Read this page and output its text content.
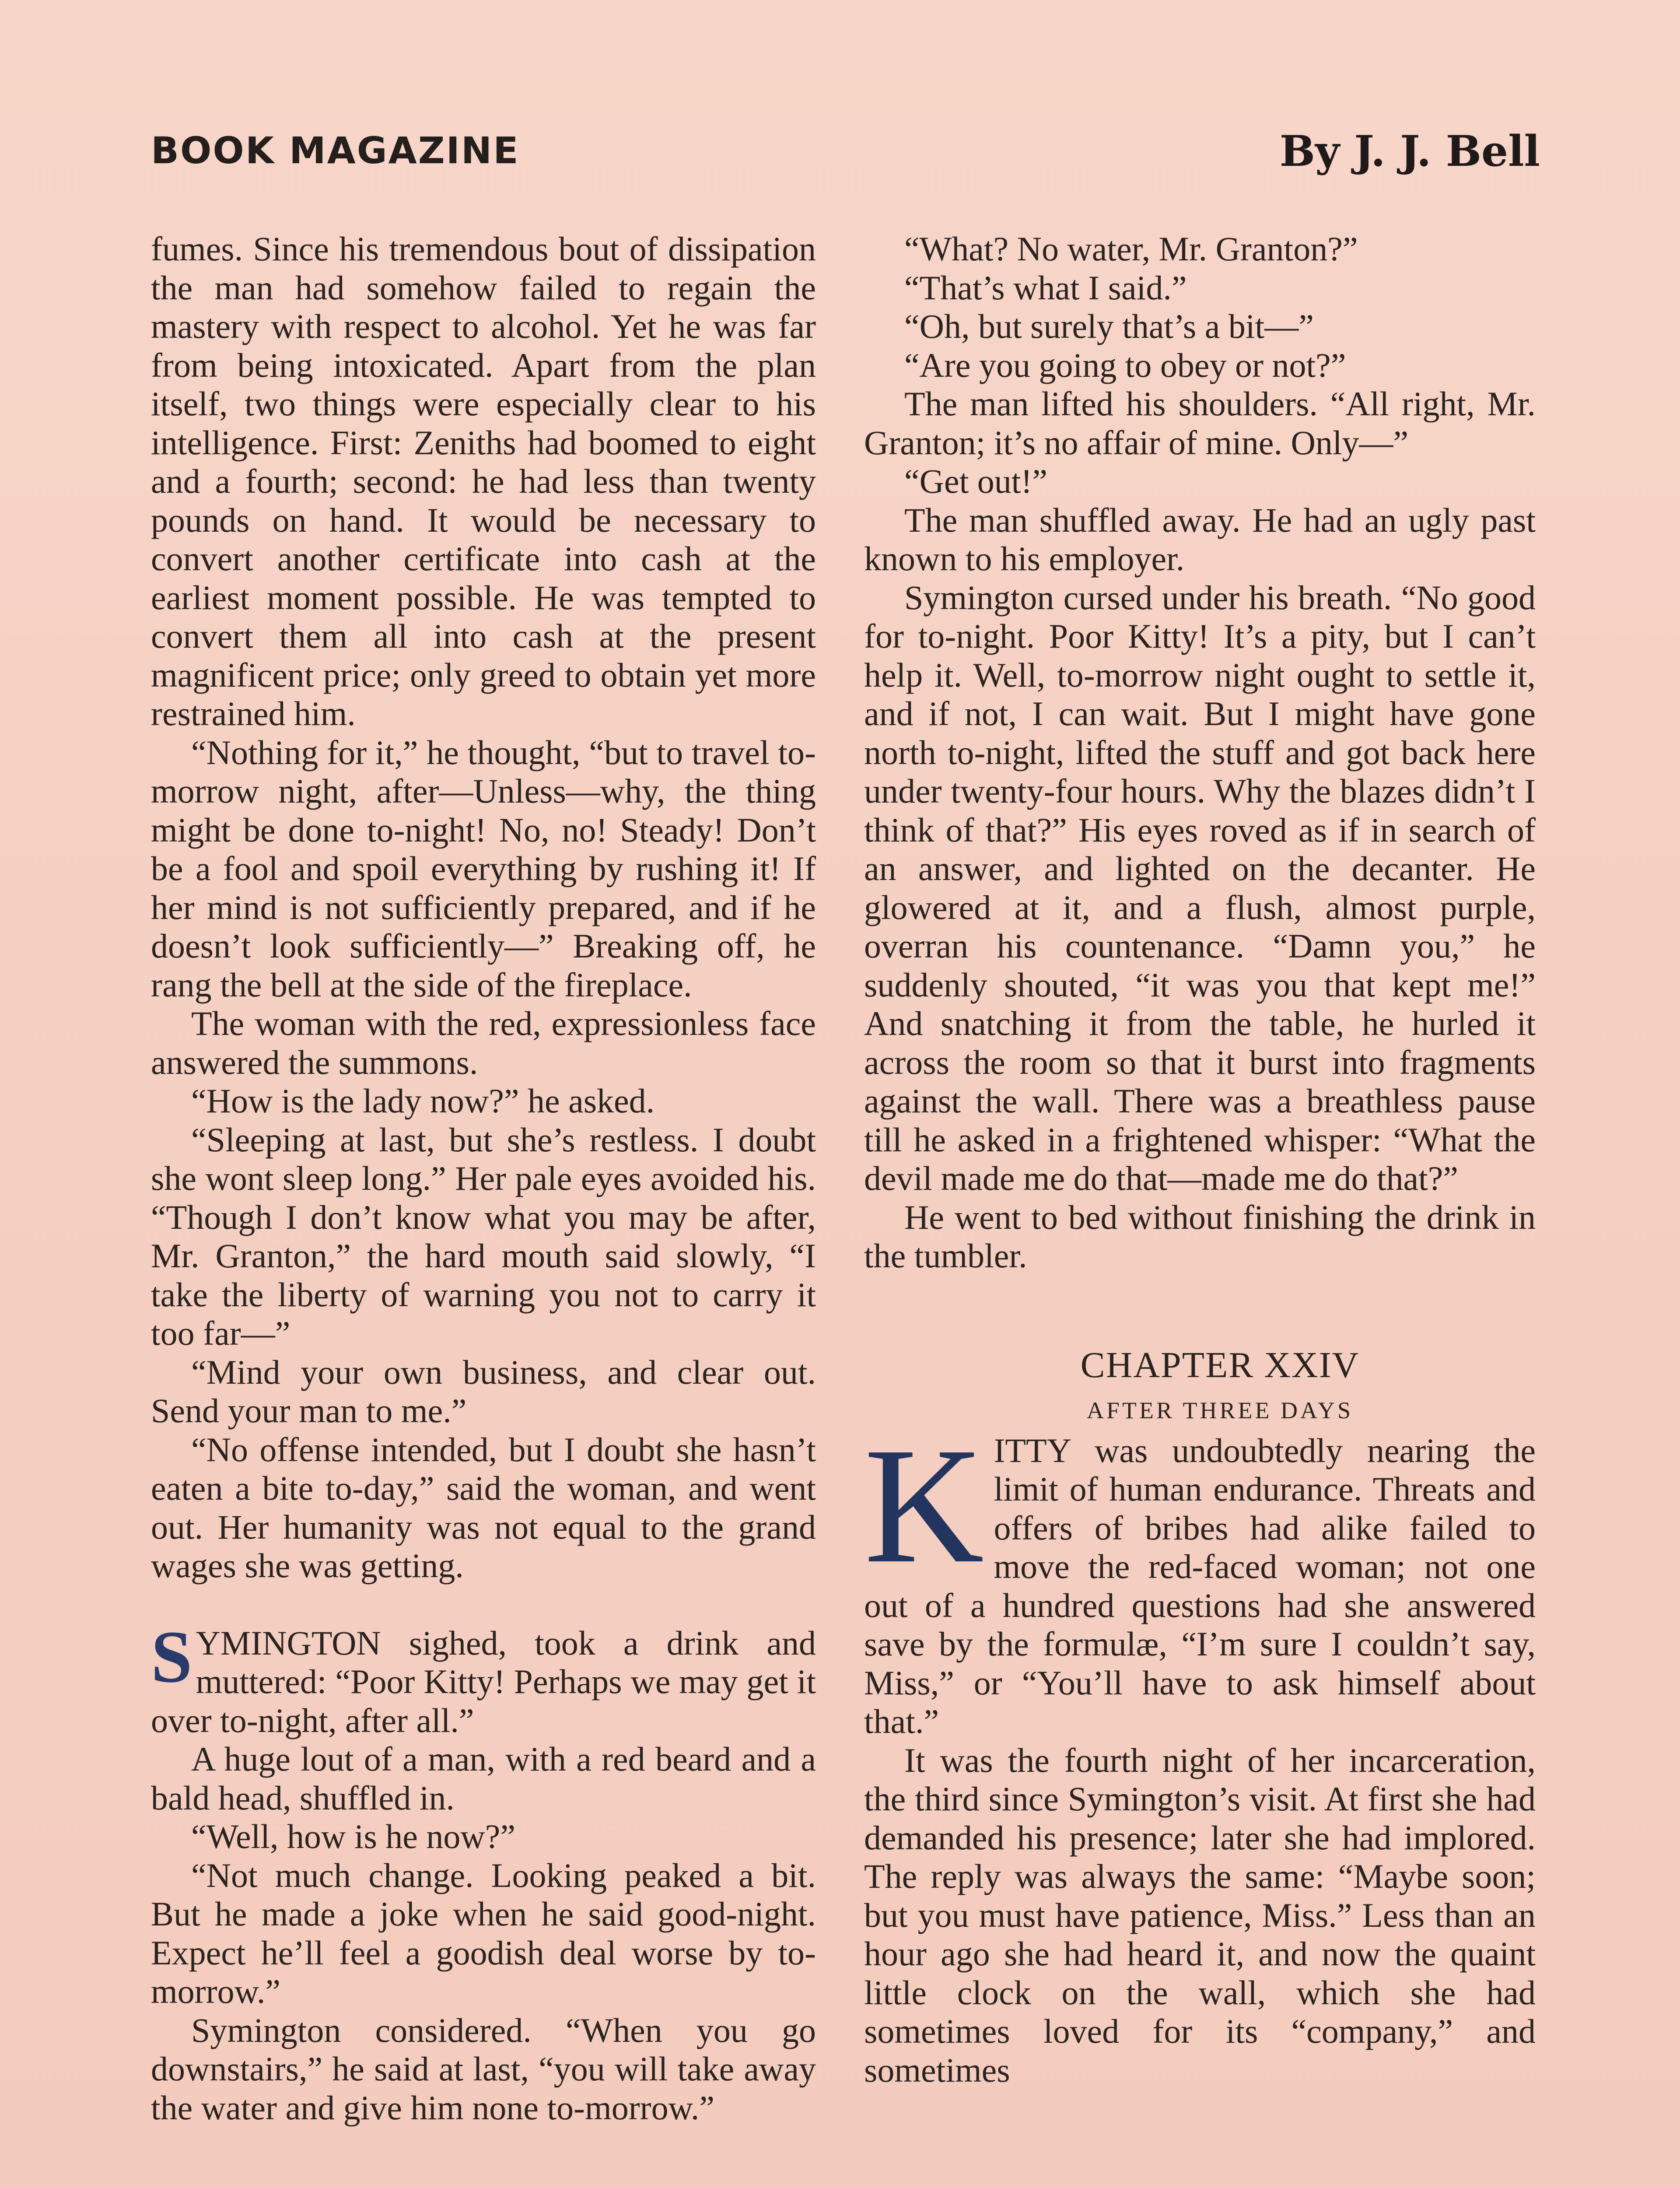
BOOK MAGAZINE	By J. J. Bell

fumes. Since his tremendous bout of dissipation the man had somehow failed to regain the mastery with respect to alcohol. Yet he was far from being intoxicated. Apart from the plan itself, two things were especially clear to his intelligence. First: Zeniths had boomed to eight and a fourth; second: he had less than twenty pounds on hand. It would be necessary to convert another certificate into cash at the earliest moment possible. He was tempted to convert them all into cash at the present magnificent price; only greed to obtain yet more restrained him.

“Nothing for it,” he thought, “but to travel to-morrow night, after—Unless—why, the thing might be done to-night! No, no! Steady! Don’t be a fool and spoil everything by rushing it! If her mind is not sufficiently prepared, and if he doesn’t look sufficiently—” Breaking off, he rang the bell at the side of the fireplace.

The woman with the red, expressionless face answered the summons.

“How is the lady now?” he asked.

“Sleeping at last, but she’s restless. I doubt she wont sleep long.” Her pale eyes avoided his. “Though I don’t know what you may be after, Mr. Granton,” the hard mouth said slowly, “I take the liberty of warning you not to carry it too far—”

“Mind your own business, and clear out. Send your man to me.”

“No offense intended, but I doubt she hasn’t eaten a bite to-day,” said the woman, and went out. Her humanity was not equal to the grand wages she was getting.

SYMINGTON sighed, took a drink and muttered: “Poor Kitty! Perhaps we may get it over to-night, after all.”

A huge lout of a man, with a red beard and a bald head, shuffled in.

“Well, how is he now?”

“Not much change. Looking peaked a bit. But he made a joke when he said good-night. Expect he’ll feel a goodish deal worse by to-morrow.”

Symington considered. “When you go downstairs,” he said at last, “you will take away the water and give him none to-morrow.”

“What? No water, Mr. Granton?”

“That’s what I said.”

“Oh, but surely that’s a bit—”

“Are you going to obey or not?”

The man lifted his shoulders. “All right, Mr. Granton; it’s no affair of mine. Only—”

“Get out!”

The man shuffled away. He had an ugly past known to his employer.

Symington cursed under his breath. “No good for to-night. Poor Kitty! It’s a pity, but I can’t help it. Well, to-morrow night ought to settle it, and if not, I can wait. But I might have gone north to-night, lifted the stuff and got back here under twenty-four hours. Why the blazes didn’t I think of that?” His eyes roved as if in search of an answer, and lighted on the decanter. He glowered at it, and a flush, almost purple, overran his countenance. “Damn you,” he suddenly shouted, “it was you that kept me!” And snatching it from the table, he hurled it across the room so that it burst into fragments against the wall. There was a breathless pause till he asked in a frightened whisper: “What the devil made me do that—made me do that?”

He went to bed without finishing the drink in the tumbler.

CHAPTER XXIV

AFTER THREE DAYS

KITTY was undoubtedly nearing the limit of human endurance. Threats and offers of bribes had alike failed to move the red-faced woman; not one out of a hundred questions had she answered save by the formulæ, “I’m sure I couldn’t say, Miss,” or “You’ll have to ask himself about that.”

It was the fourth night of her incarceration, the third since Symington’s visit. At first she had demanded his presence; later she had implored. The reply was always the same: “Maybe soon; but you must have patience, Miss.” Less than an hour ago she had heard it, and now the quaint little clock on the wall, which she had sometimes loved for its “company,” and sometimes
